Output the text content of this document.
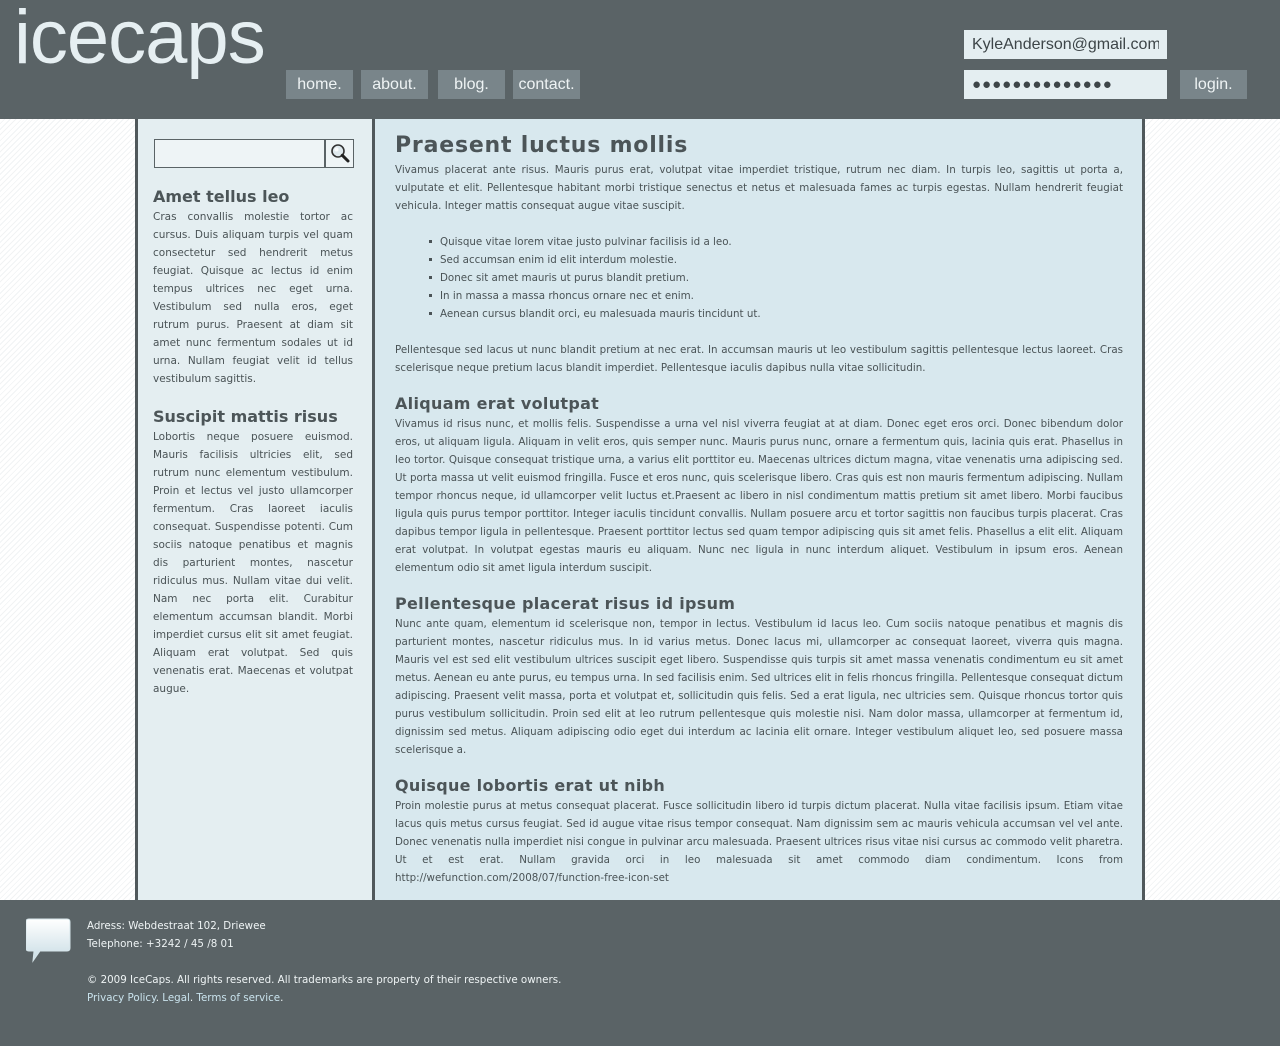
icecaps
home.	about.	blog.	contact.
KyleAnderson@gmail.com
●●●●●●●●●●●●●●	login.
Amet tellus leo

Cras convallis molestie tortor ac cursus. Duis aliquam turpis vel quam consectetur sed hendrerit metus feugiat. Quisque ac lectus id enim tempus ultrices nec eget urna. Vestibulum sed nulla eros, eget rutrum purus. Praesent at diam sit amet nunc fermentum sodales ut id urna. Nullam feugiat velit id tellus vestibulum sagittis.

Suscipit mattis risus

Lobortis neque posuere euismod. Mauris facilisis ultricies elit, sed rutrum nunc elementum vestibulum. Proin et lectus vel justo ullamcorper fermentum. Cras laoreet iaculis consequat. Suspendisse potenti. Cum sociis natoque penatibus et magnis dis parturient montes, nascetur ridiculus mus. Nullam vitae dui velit. Nam nec porta elit. Curabitur elementum accumsan blandit. Morbi imperdiet cursus elit sit amet feugiat. Aliquam erat volutpat. Sed quis venenatis erat. Maecenas et volutpat augue.

Praesent luctus mollis

Vivamus placerat ante risus. Mauris purus erat, volutpat vitae imperdiet tristique, rutrum nec diam. In turpis leo, sagittis ut porta a, vulputate et elit. Pellentesque habitant morbi tristique senectus et netus et malesuada fames ac turpis egestas. Nullam hendrerit feugiat vehicula. Integer mattis consequat augue vitae suscipit.

Quisque vitae lorem vitae justo pulvinar facilisis id a leo.
Sed accumsan enim id elit interdum molestie.
Donec sit amet mauris ut purus blandit pretium.
In in massa a massa rhoncus ornare nec et enim.
Aenean cursus blandit orci, eu malesuada mauris tincidunt ut.

Pellentesque sed lacus ut nunc blandit pretium at nec erat. In accumsan mauris ut leo vestibulum sagittis pellentesque lectus laoreet. Cras scelerisque neque pretium lacus blandit imperdiet. Pellentesque iaculis dapibus nulla vitae sollicitudin.

Aliquam erat volutpat

Vivamus id risus nunc, et mollis felis. Suspendisse a urna vel nisl viverra feugiat at at diam. Donec eget eros orci. Donec bibendum dolor eros, ut aliquam ligula. Aliquam in velit eros, quis semper nunc. Mauris purus nunc, ornare a fermentum quis, lacinia quis erat. Phasellus in leo tortor. Quisque consequat tristique urna, a varius elit porttitor eu. Maecenas ultrices dictum magna, vitae venenatis urna adipiscing sed. Ut porta massa ut velit euismod fringilla. Fusce et eros nunc, quis scelerisque libero. Cras quis est non mauris fermentum adipiscing. Nullam tempor rhoncus neque, id ullamcorper velit luctus et.Praesent ac libero in nisl condimentum mattis pretium sit amet libero. Morbi faucibus ligula quis purus tempor porttitor. Integer iaculis tincidunt convallis. Nullam posuere arcu et tortor sagittis non faucibus turpis placerat. Cras dapibus tempor ligula in pellentesque. Praesent porttitor lectus sed quam tempor adipiscing quis sit amet felis. Phasellus a elit elit. Aliquam erat volutpat. In volutpat egestas mauris eu aliquam. Nunc nec ligula in nunc interdum aliquet. Vestibulum in ipsum eros. Aenean elementum odio sit amet ligula interdum suscipit.

Pellentesque placerat risus id ipsum

Nunc ante quam, elementum id scelerisque non, tempor in lectus. Vestibulum id lacus leo. Cum sociis natoque penatibus et magnis dis parturient montes, nascetur ridiculus mus. In id varius metus. Donec lacus mi, ullamcorper ac consequat laoreet, viverra quis magna. Mauris vel est sed elit vestibulum ultrices suscipit eget libero. Suspendisse quis turpis sit amet massa venenatis condimentum eu sit amet metus. Aenean eu ante purus, eu tempus urna. In sed facilisis enim. Sed ultrices elit in felis rhoncus fringilla. Pellentesque consequat dictum adipiscing. Praesent velit massa, porta et volutpat et, sollicitudin quis felis. Sed a erat ligula, nec ultricies sem. Quisque rhoncus tortor quis purus vestibulum sollicitudin. Proin sed elit at leo rutrum pellentesque quis molestie nisi. Nam dolor massa, ullamcorper at fermentum id, dignissim sed metus. Aliquam adipiscing odio eget dui interdum ac lacinia elit ornare. Integer vestibulum aliquet leo, sed posuere massa scelerisque a.

Quisque lobortis erat ut nibh

Proin molestie purus at metus consequat placerat. Fusce sollicitudin libero id turpis dictum placerat. Nulla vitae facilisis ipsum. Etiam vitae lacus quis metus cursus feugiat. Sed id augue vitae risus tempor consequat. Nam dignissim sem ac mauris vehicula accumsan vel vel ante. Donec venenatis nulla imperdiet nisi congue in pulvinar arcu malesuada. Praesent ultrices risus vitae nisi cursus ac commodo velit pharetra. Ut et est erat. Nullam gravida orci in leo malesuada sit amet commodo diam condimentum. Icons from http://wefunction.com/2008/07/function-free-icon-set

Adress: Webdestraat 102, Driewee
Telephone: +3242 / 45 /8 01
© 2009 IceCaps. All rights reserved. All trademarks are property of their respective owners.
Privacy Policy. Legal. Terms of service.
